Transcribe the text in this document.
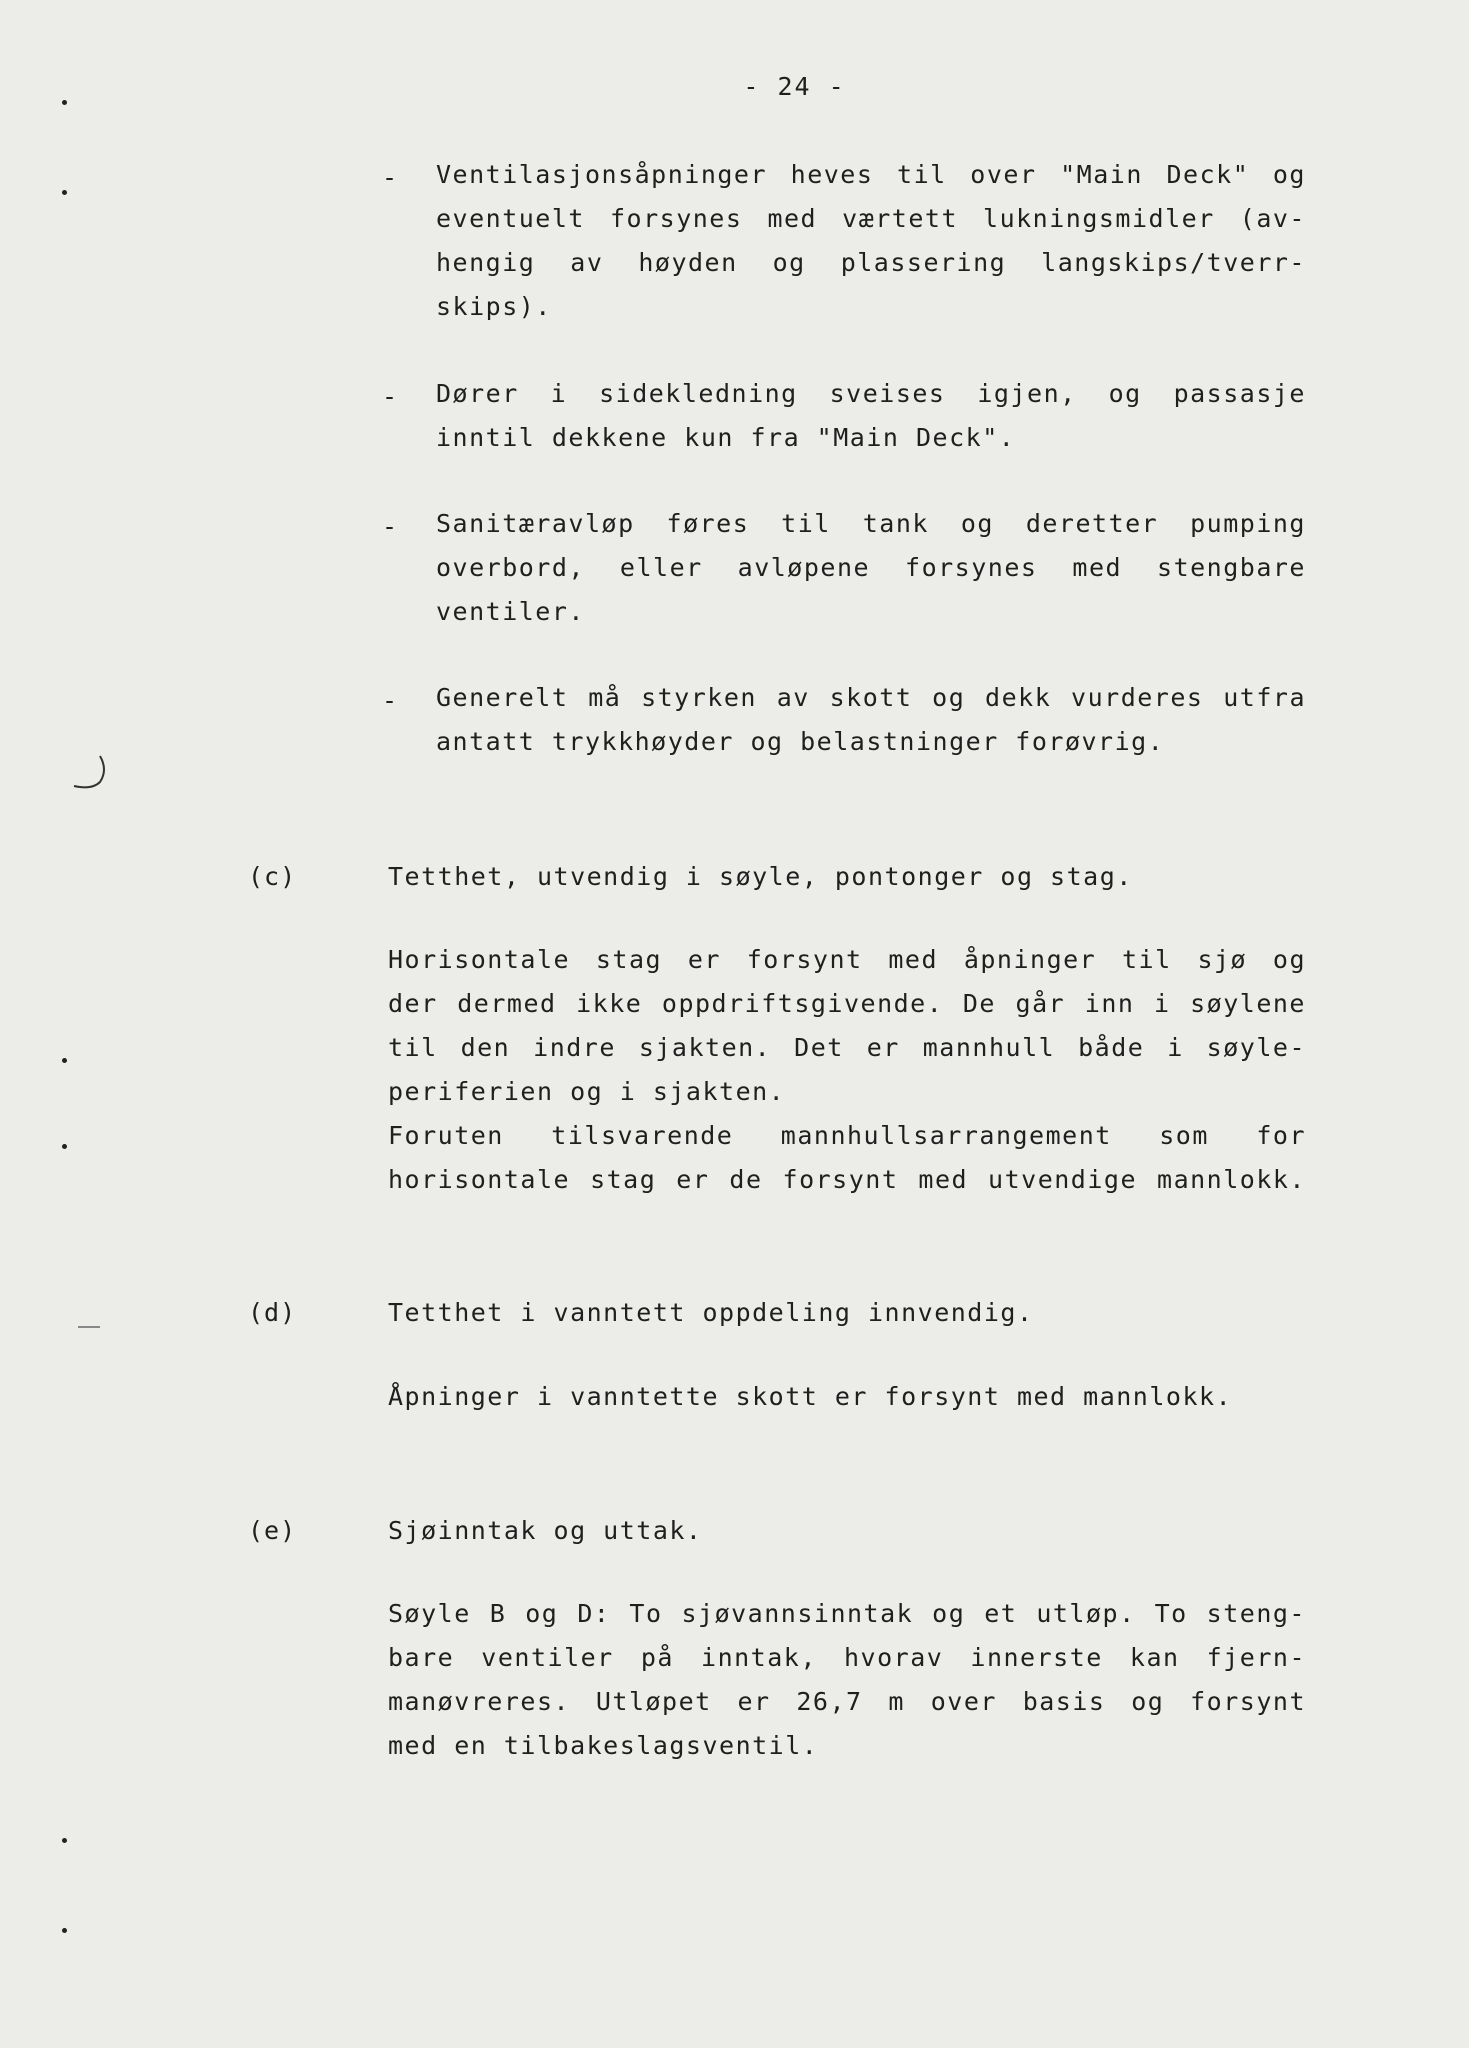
- 24 -
- Ventilasjonsåpninger heves til over "Main Deck" og
eventuelt forsynes med værtett lukningsmidler (av-
hengig av høyden og plassering langskips/tverr-
skips).
- Dører i sidekledning sveises igjen, og passasje
inntil dekkene kun fra "Main Deck".
- Sanitæravløp føres til tank og deretter pumping
overbord, eller avløpene forsynes med stengbare
ventiler.
- Generelt må styrken av skott og dekk vurderes utfra
antatt trykkhøyder og belastninger forøvrig.
(c)	Tetthet, utvendig i søyle, pontonger og stag.
Horisontale stag er forsynt med åpninger til sjø og
der dermed ikke oppdriftsgivende. De går inn i søylene
til den indre sjakten. Det er mannhull både i søyle-
periferien og i sjakten.
Foruten tilsvarende mannhullsarrangement som for
horisontale stag er de forsynt med utvendige mannlokk.
(d)	Tetthet i vanntett oppdeling innvendig.
Åpninger i vanntette skott er forsynt med mannlokk.
(e)	Sjøinntak og uttak.
Søyle B og D: To sjøvannsinntak og et utløp. To steng-
bare ventiler på inntak, hvorav innerste kan fjern-
manøvreres. Utløpet er 26,7 m over basis og forsynt
med en tilbakeslagsventil.
